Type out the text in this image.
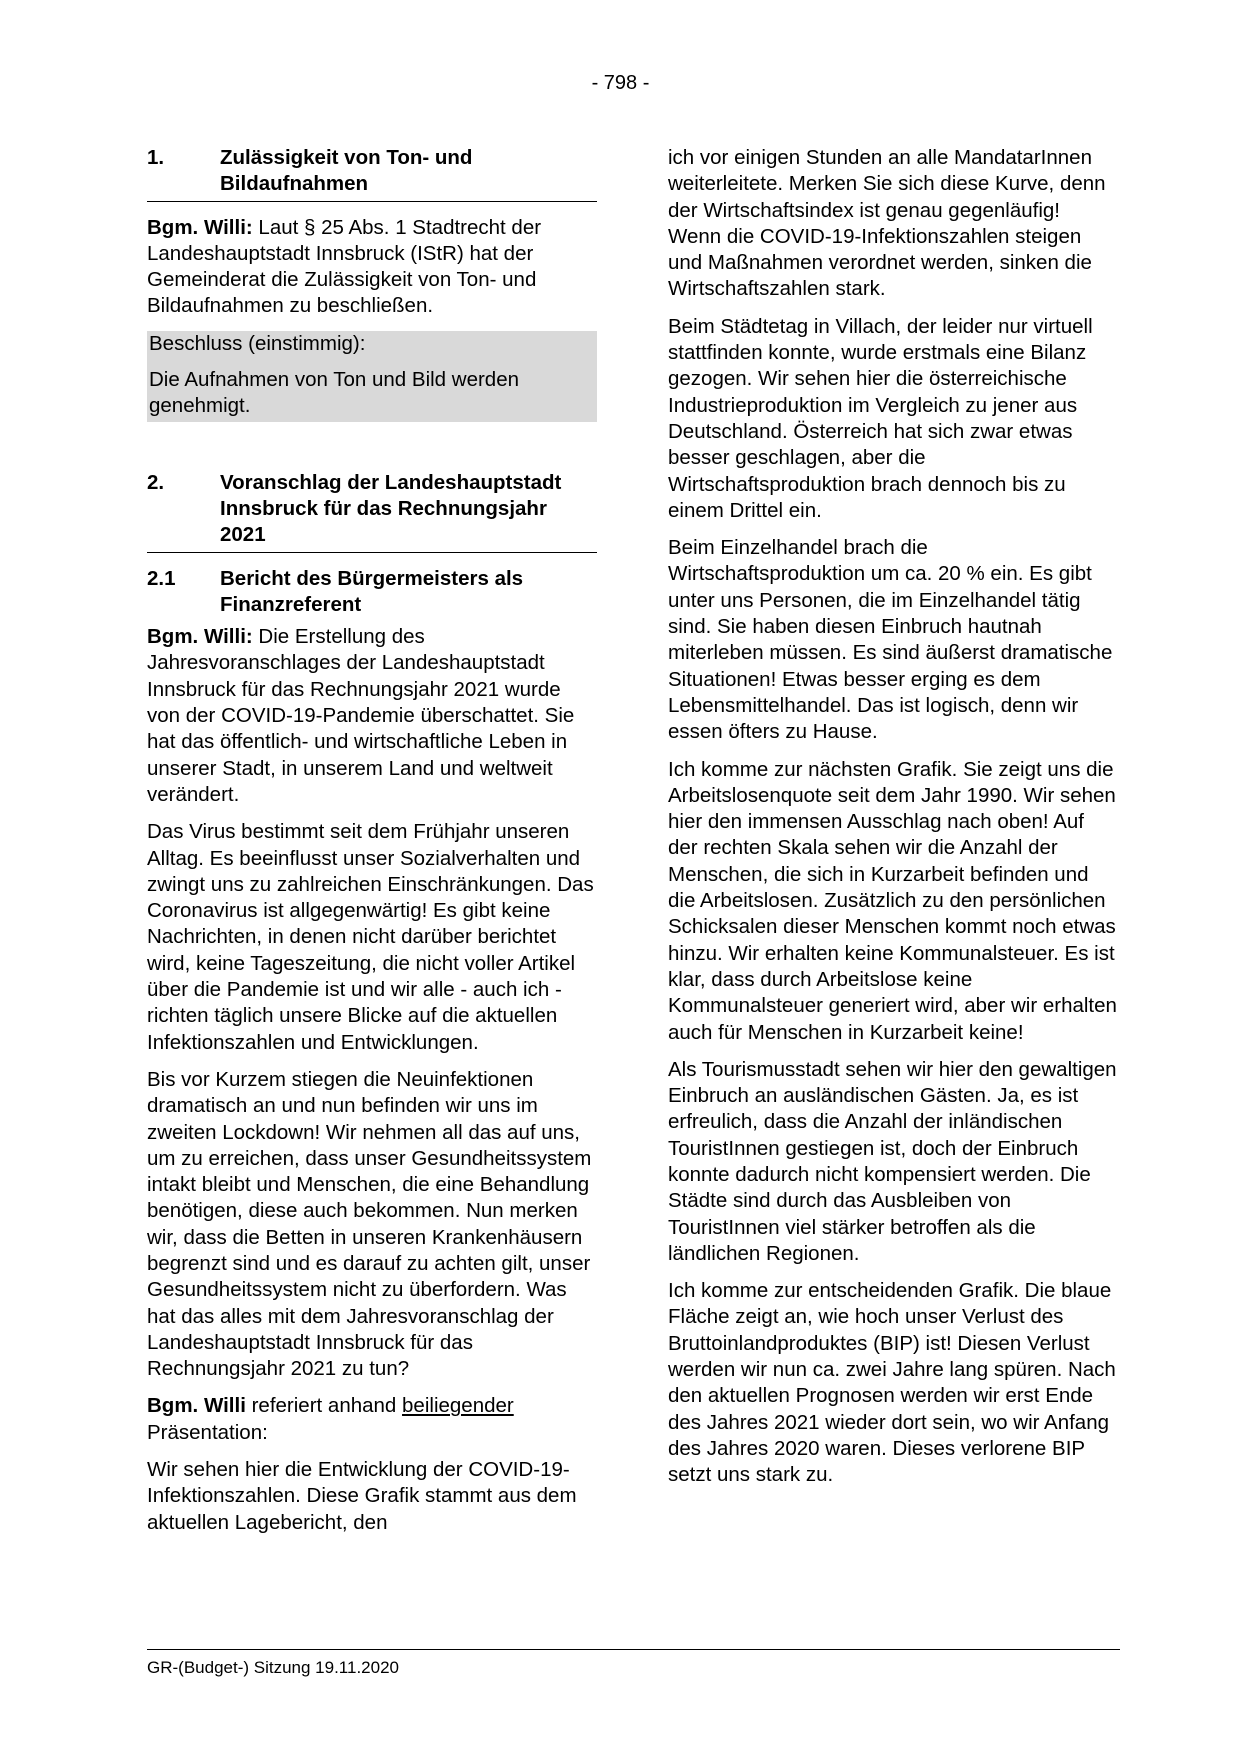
- 798 -
1.	Zulässigkeit von Ton- und Bildaufnahmen

Bgm. Willi: Laut § 25 Abs. 1 Stadtrecht der Landeshauptstadt Innsbruck (IStR) hat der Gemeinderat die Zulässigkeit von Ton- und Bildaufnahmen zu beschließen.

Beschluss (einstimmig):

Die Aufnahmen von Ton und Bild werden genehmigt.

2.	Voranschlag der Landeshauptstadt Innsbruck für das Rechnungsjahr 2021
2.1	Bericht des Bürgermeisters als Finanzreferent

Bgm. Willi: Die Erstellung des Jahresvoranschlages der Landeshauptstadt Innsbruck für das Rechnungsjahr 2021 wurde von der COVID-19-Pandemie überschattet. Sie hat das öffentlich- und wirtschaftliche Leben in unserer Stadt, in unserem Land und weltweit verändert.

Das Virus bestimmt seit dem Frühjahr unseren Alltag. Es beeinflusst unser Sozialverhalten und zwingt uns zu zahlreichen Einschränkungen. Das Coronavirus ist allgegenwärtig! Es gibt keine Nachrichten, in denen nicht darüber berichtet wird, keine Tageszeitung, die nicht voller Artikel über die Pandemie ist und wir alle - auch ich - richten täglich unsere Blicke auf die aktuellen Infektionszahlen und Entwicklungen.

Bis vor Kurzem stiegen die Neuinfektionen dramatisch an und nun befinden wir uns im zweiten Lockdown! Wir nehmen all das auf uns, um zu erreichen, dass unser Gesundheitssystem intakt bleibt und Menschen, die eine Behandlung benötigen, diese auch bekommen. Nun merken wir, dass die Betten in unseren Krankenhäusern begrenzt sind und es darauf zu achten gilt, unser Gesundheitssystem nicht zu überfordern. Was hat das alles mit dem Jahresvoranschlag der Landeshauptstadt Innsbruck für das Rechnungsjahr 2021 zu tun?

Bgm. Willi referiert anhand beiliegender Präsentation:

Wir sehen hier die Entwicklung der COVID-19-Infektionszahlen. Diese Grafik stammt aus dem aktuellen Lagebericht, den

ich vor einigen Stunden an alle MandatarInnen weiterleitete. Merken Sie sich diese Kurve, denn der Wirtschaftsindex ist genau gegenläufig! Wenn die COVID-19-Infektionszahlen steigen und Maßnahmen verordnet werden, sinken die Wirtschaftszahlen stark.

Beim Städtetag in Villach, der leider nur virtuell stattfinden konnte, wurde erstmals eine Bilanz gezogen. Wir sehen hier die österreichische Industrieproduktion im Vergleich zu jener aus Deutschland. Österreich hat sich zwar etwas besser geschlagen, aber die Wirtschaftsproduktion brach dennoch bis zu einem Drittel ein.

Beim Einzelhandel brach die Wirtschaftsproduktion um ca. 20 % ein. Es gibt unter uns Personen, die im Einzelhandel tätig sind. Sie haben diesen Einbruch hautnah miterleben müssen. Es sind äußerst dramatische Situationen! Etwas besser erging es dem Lebensmittelhandel. Das ist logisch, denn wir essen öfters zu Hause.

Ich komme zur nächsten Grafik. Sie zeigt uns die Arbeitslosenquote seit dem Jahr 1990. Wir sehen hier den immensen Ausschlag nach oben! Auf der rechten Skala sehen wir die Anzahl der Menschen, die sich in Kurzarbeit befinden und die Arbeitslosen. Zusätzlich zu den persönlichen Schicksalen dieser Menschen kommt noch etwas hinzu. Wir erhalten keine Kommunalsteuer. Es ist klar, dass durch Arbeitslose keine Kommunalsteuer generiert wird, aber wir erhalten auch für Menschen in Kurzarbeit keine!

Als Tourismusstadt sehen wir hier den gewaltigen Einbruch an ausländischen Gästen. Ja, es ist erfreulich, dass die Anzahl der inländischen TouristInnen gestiegen ist, doch der Einbruch konnte dadurch nicht kompensiert werden. Die Städte sind durch das Ausbleiben von TouristInnen viel stärker betroffen als die ländlichen Regionen.

Ich komme zur entscheidenden Grafik. Die blaue Fläche zeigt an, wie hoch unser Verlust des Bruttoinlandproduktes (BIP) ist! Diesen Verlust werden wir nun ca. zwei Jahre lang spüren. Nach den aktuellen Prognosen werden wir erst Ende des Jahres 2021 wieder dort sein, wo wir Anfang des Jahres 2020 waren. Dieses verlorene BIP setzt uns stark zu.

GR-(Budget-) Sitzung 19.11.2020
